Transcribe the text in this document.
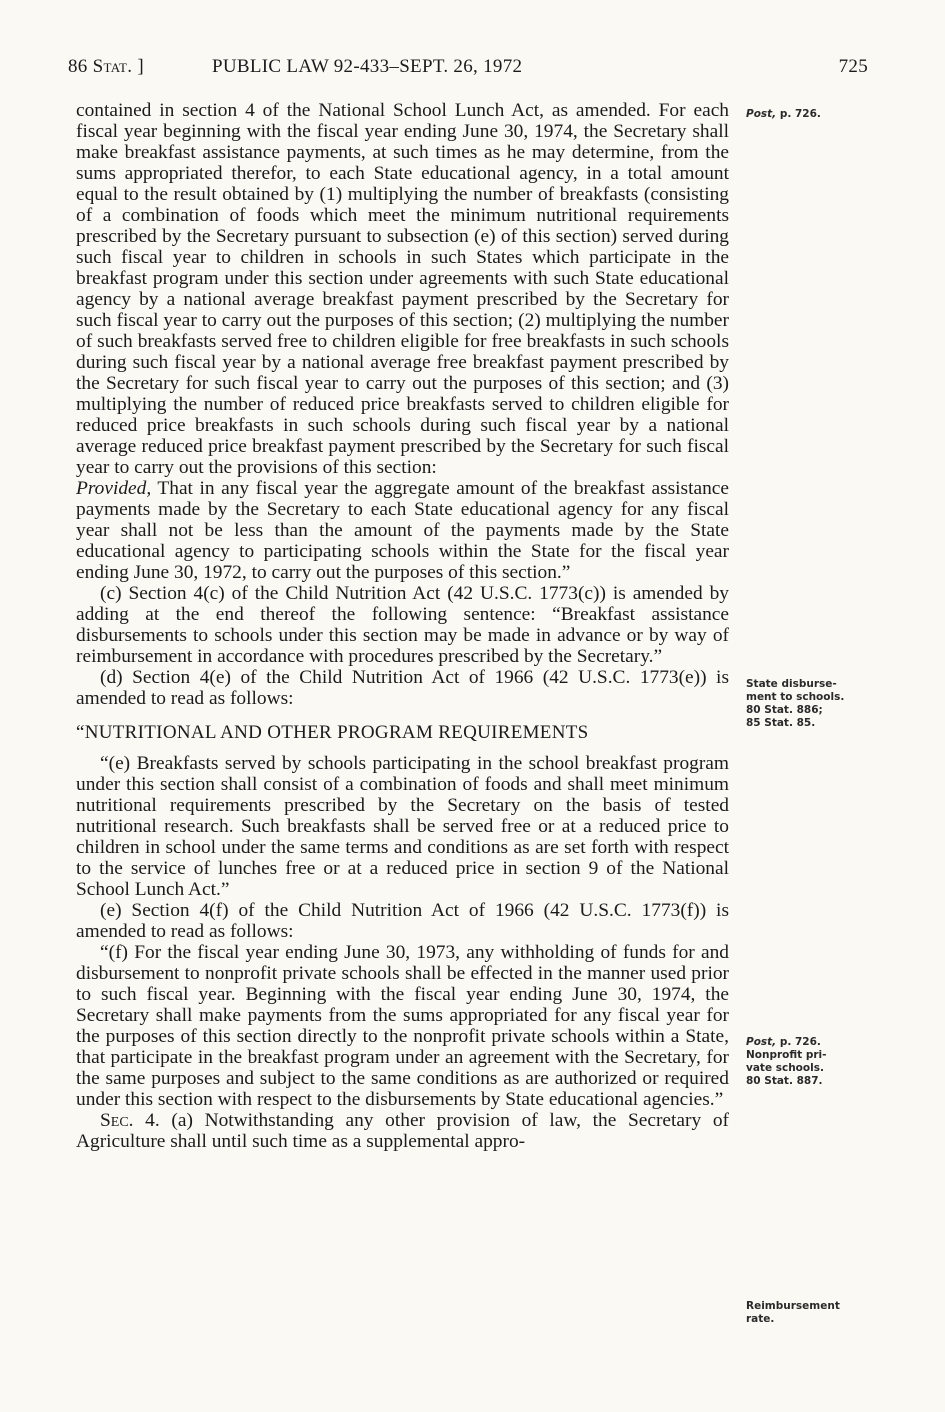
86 Stat. ]	PUBLIC LAW 92-433–SEPT. 26, 1972	725

contained in section 4 of the National School Lunch Act, as amended. For each fiscal year beginning with the fiscal year ending June 30, 1974, the Secretary shall make breakfast assistance payments, at such times as he may determine, from the sums appropriated therefor, to each State educational agency, in a total amount equal to the result obtained by (1) multiplying the number of breakfasts (consisting of a combination of foods which meet the minimum nutritional requirements prescribed by the Secretary pursuant to subsection (e) of this section) served during such fiscal year to children in schools in such States which participate in the breakfast program under this section under agreements with such State educational agency by a national average breakfast payment prescribed by the Secretary for such fiscal year to carry out the purposes of this section; (2) multiplying the number of such breakfasts served free to children eligible for free breakfasts in such schools during such fiscal year by a national average free breakfast payment prescribed by the Secretary for such fiscal year to carry out the purposes of this section; and (3) multiplying the number of reduced price breakfasts served to children eligible for reduced price breakfasts in such schools during such fiscal year by a national average reduced price breakfast payment prescribed by the Secretary for such fiscal year to carry out the provisions of this section:
Provided, That in any fiscal year the aggregate amount of the breakfast assistance payments made by the Secretary to each State educational agency for any fiscal year shall not be less than the amount of the payments made by the State educational agency to participating schools within the State for the fiscal year ending June 30, 1972, to carry out the purposes of this section.”

(c) Section 4(c) of the Child Nutrition Act (42 U.S.C. 1773(c)) is amended by adding at the end thereof the following sentence: “Breakfast assistance disbursements to schools under this section may be made in advance or by way of reimbursement in accordance with procedures prescribed by the Secretary.”

(d) Section 4(e) of the Child Nutrition Act of 1966 (42 U.S.C. 1773(e)) is amended to read as follows:

“NUTRITIONAL AND OTHER PROGRAM REQUIREMENTS

“(e) Breakfasts served by schools participating in the school breakfast program under this section shall consist of a combination of foods and shall meet minimum nutritional requirements prescribed by the Secretary on the basis of tested nutritional research. Such breakfasts shall be served free or at a reduced price to children in school under the same terms and conditions as are set forth with respect to the service of lunches free or at a reduced price in section 9 of the National School Lunch Act.”

(e) Section 4(f) of the Child Nutrition Act of 1966 (42 U.S.C. 1773(f)) is amended to read as follows:

“(f) For the fiscal year ending June 30, 1973, any withholding of funds for and disbursement to nonprofit private schools shall be effected in the manner used prior to such fiscal year. Beginning with the fiscal year ending June 30, 1974, the Secretary shall make payments from the sums appropriated for any fiscal year for the purposes of this section directly to the nonprofit private schools within a State, that participate in the breakfast program under an agreement with the Secretary, for the same purposes and subject to the same conditions as are authorized or required under this section with respect to the disbursements by State educational agencies.”

Sec. 4. (a) Notwithstanding any other provision of law, the Secretary of Agriculture shall until such time as a supplemental appro-

Post, p. 726.
State disburse-
ment to schools.
80 Stat. 886;
85 Stat. 85.
Post, p. 726.
Nonprofit pri-
vate schools.
80 Stat. 887.
Reimbursement
rate.
